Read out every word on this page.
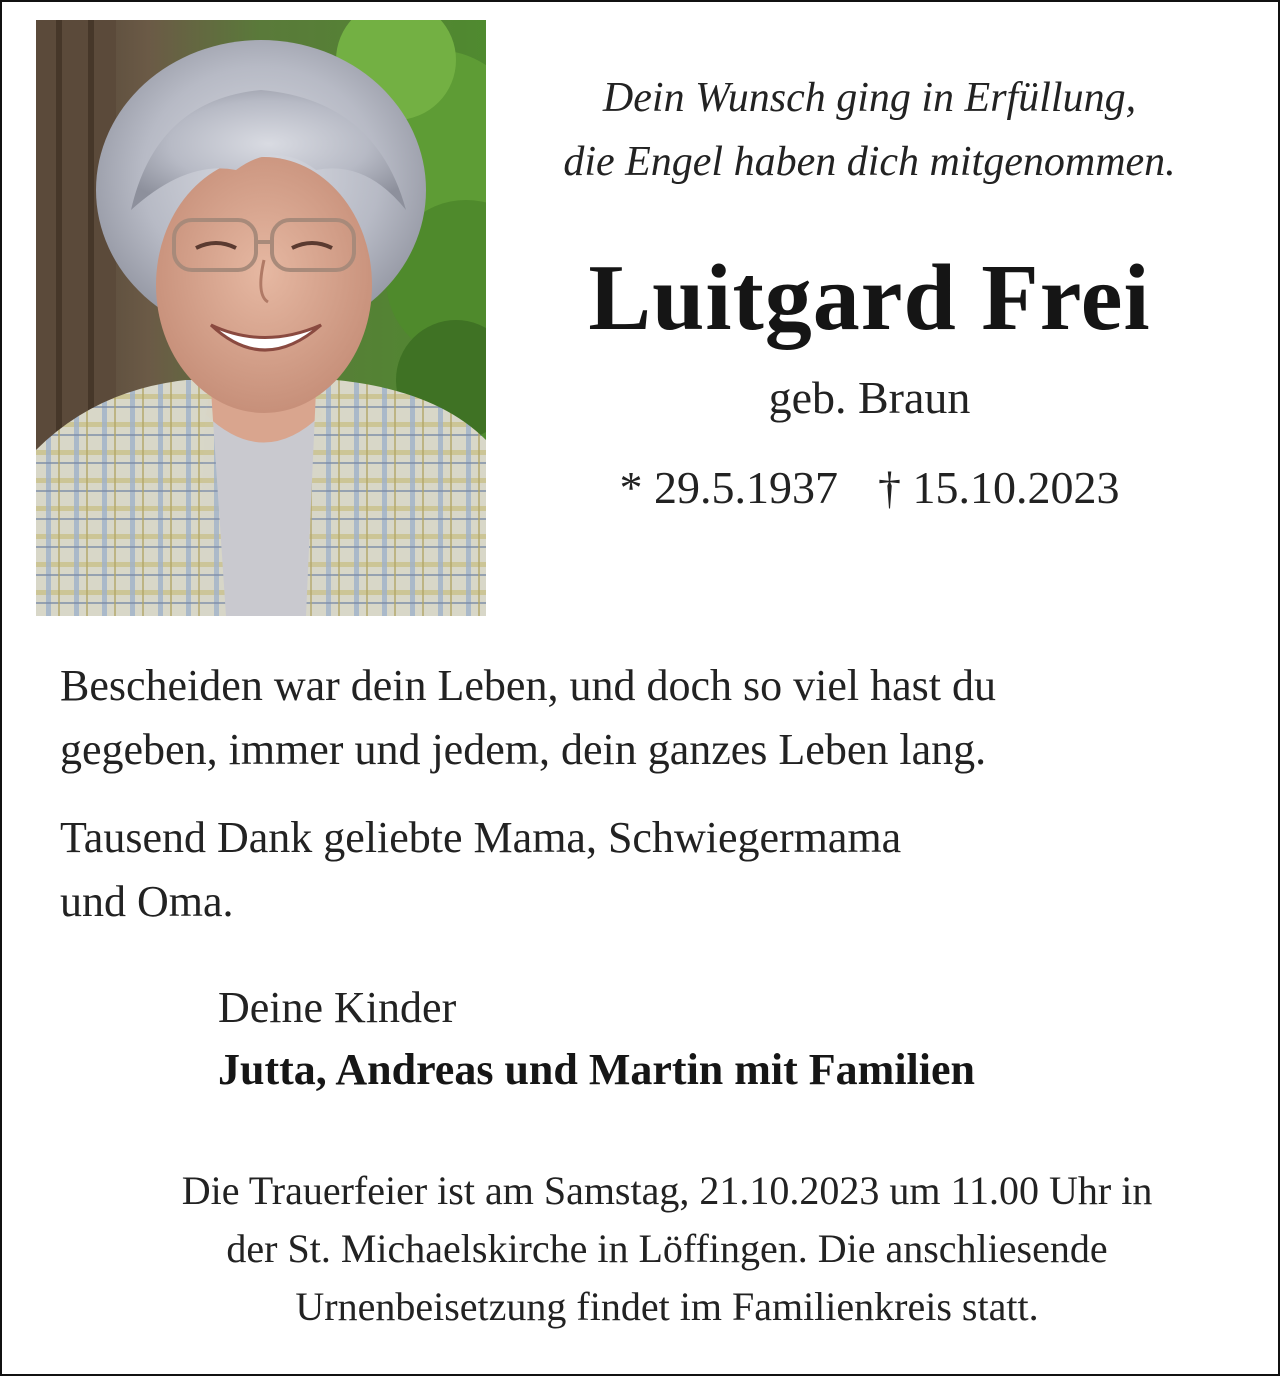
Dein Wunsch ging in Erfüllung,
die Engel haben dich mitgenommen.
Luitgard Frei
geb. Braun
* 29.5.1937 † 15.10.2023
Bescheiden war dein Leben, und doch so viel hast du
gegeben, immer und jedem, dein ganzes Leben lang.
Tausend Dank geliebte Mama, Schwiegermama
und Oma.
Deine Kinder
Jutta, Andreas und Martin mit Familien
Die Trauerfeier ist am Samstag, 21.10.2023 um 11.00 Uhr in
der St. Michaelskirche in Löffingen. Die anschliesende
Urnenbeisetzung findet im Familienkreis statt.
